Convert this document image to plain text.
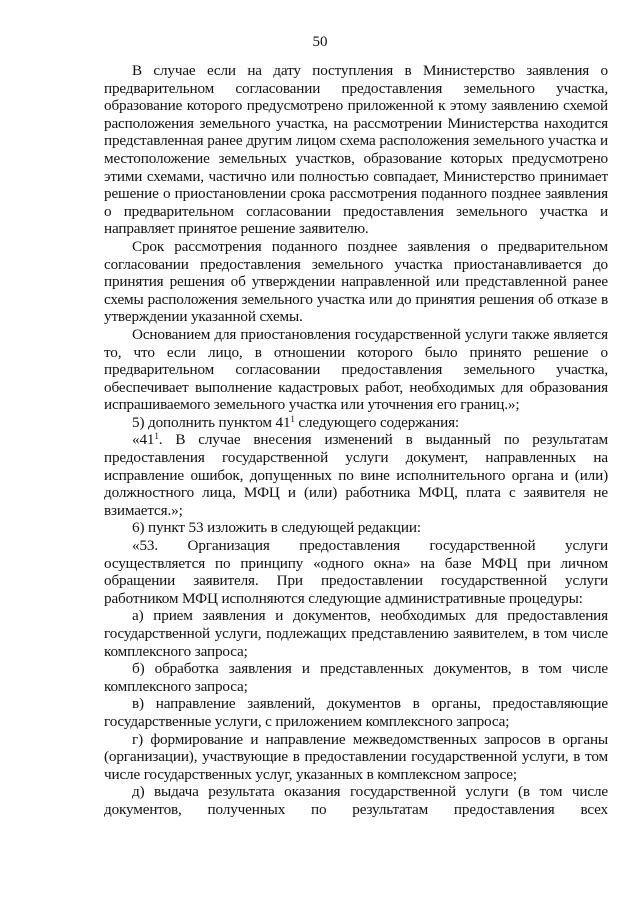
50

В случае если на дату поступления в Министерство заявления о предварительном согласовании предоставления земельного участка, образование которого предусмотрено приложенной к этому заявлению схемой расположения земельного участка, на рассмотрении Министерства находится представленная ранее другим лицом схема расположения земельного участка и местоположение земельных участков, образование которых предусмотрено этими схемами, частично или полностью совпадает, Министерство принимает решение о приостановлении срока рассмотрения поданного позднее заявления о предварительном согласовании предоставления земельного участка и направляет принятое решение заявителю.

Срок рассмотрения поданного позднее заявления о предварительном согласовании предоставления земельного участка приостанавливается до принятия решения об утверждении направленной или представленной ранее схемы расположения земельного участка или до принятия решения об отказе в утверждении указанной схемы.

Основанием для приостановления государственной услуги также является то, что если лицо, в отношении которого было принято решение о предварительном согласовании предоставления земельного участка, обеспечивает выполнение кадастровых работ, необходимых для образования испрашиваемого земельного участка или уточнения его границ.»;

5) дополнить пунктом $41^1$ следующего содержания:

«$41^1$. В случае внесения изменений в выданный по результатам предоставления государственной услуги документ, направленных на исправление ошибок, допущенных по вине исполнительного органа и (или) должностного лица, МФЦ и (или) работника МФЦ, плата с заявителя не взимается.»;

6) пункт 53 изложить в следующей редакции:

«53. Организация предоставления государственной услуги осуществляется по принципу «одного окна» на базе МФЦ при личном обращении заявителя. При предоставлении государственной услуги работником МФЦ исполняются следующие административные процедуры:

а) прием заявления и документов, необходимых для предоставления государственной услуги, подлежащих представлению заявителем, в том числе комплексного запроса;

б) обработка заявления и представленных документов, в том числе комплексного запроса;

в) направление заявлений, документов в органы, предоставляющие государственные услуги, с приложением комплексного запроса;

г) формирование и направление межведомственных запросов в органы (организации), участвующие в предоставлении государственной услуги, в том числе государственных услуг, указанных в комплексном запросе;

д) выдача результата оказания государственной услуги (в том числе документов, полученных по результатам предоставления всех
